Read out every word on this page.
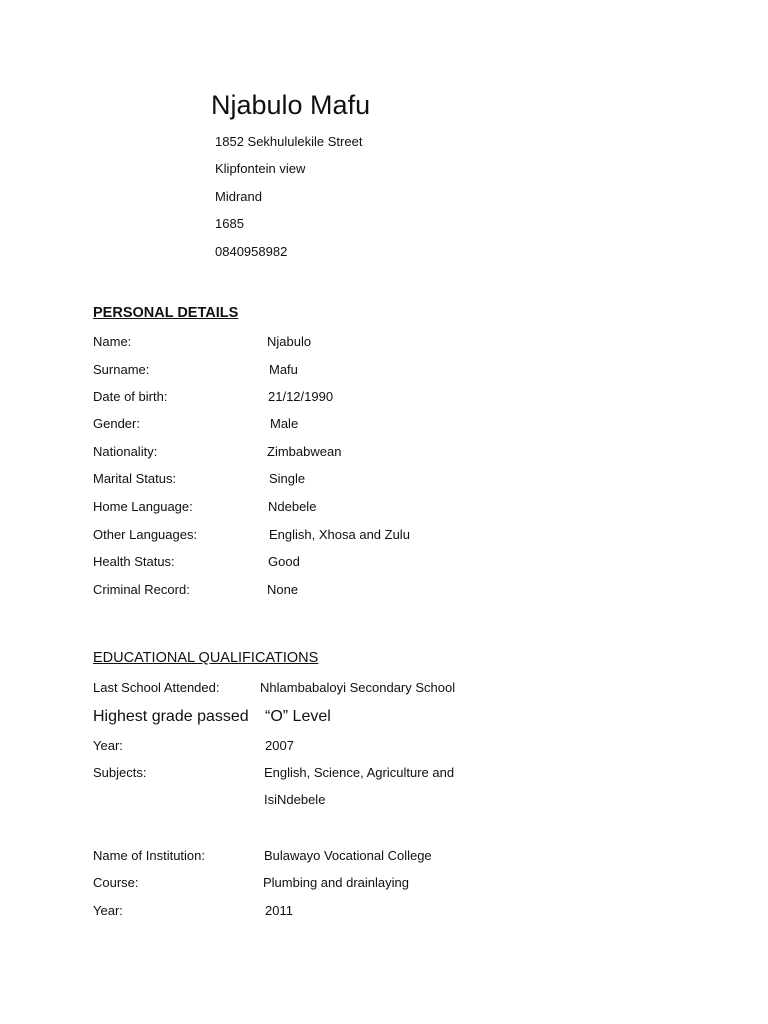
Njabulo Mafu
1852 Sekhululekile Street
Klipfontein view
Midrand
1685
0840958982
PERSONAL DETAILS
Name:	Njabulo
Surname:	Mafu
Date of birth:	21/12/1990
Gender:	Male
Nationality:	Zimbabwean
Marital Status:	Single
Home Language:	Ndebele
Other Languages:	English, Xhosa and Zulu
Health Status:	Good
Criminal Record:	None
EDUCATIONAL QUALIFICATIONS
Last School Attended:	Nhlambabaloyi Secondary School
Highest grade passed “O” Level
Year:	2007
Subjects:	English, Science, Agriculture and
IsiNdebele
Name of Institution:	Bulawayo Vocational College
Course:	Plumbing and drainlaying
Year:	2011
